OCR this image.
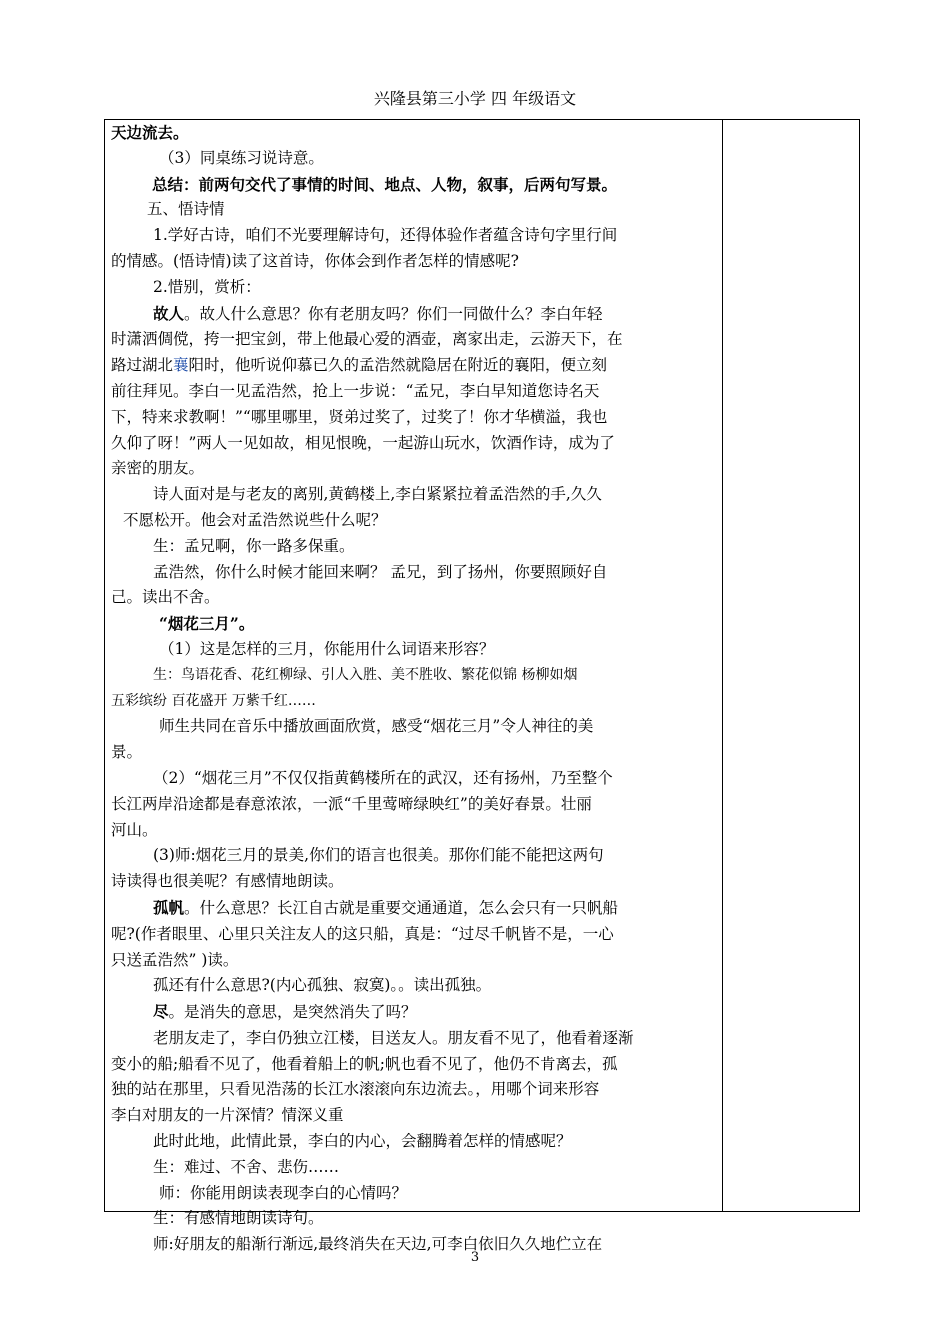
兴隆县第三小学 四 年级语文

天边流去。

（3）同桌练习说诗意。

总结：前两句交代了事情的时间、地点、人物，叙事，后两句写景。

五、悟诗情

1.学好古诗，咱们不光要理解诗句，还得体验作者蕴含诗句字里行间

的情感。(悟诗情)读了这首诗，你体会到作者怎样的情感呢?

2.惜别，赏析：

故人。故人什么意思？你有老朋友吗？你们一同做什么？李白年轻

时潇洒倜傥，挎一把宝剑，带上他最心爱的酒壶，离家出走，云游天下，在

路过湖北襄阳时，他听说仰慕已久的孟浩然就隐居在附近的襄阳，便立刻

前往拜见。李白一见孟浩然，抢上一步说：“孟兄，李白早知道您诗名天

下，特来求教啊！”“哪里哪里，贤弟过奖了，过奖了！你才华横溢，我也

久仰了呀！”两人一见如故，相见恨晚，一起游山玩水，饮酒作诗，成为了

亲密的朋友。

诗人面对是与老友的离别,黄鹤楼上,李白紧紧拉着孟浩然的手,久久

不愿松开。他会对孟浩然说些什么呢？

生：孟兄啊，你一路多保重。

孟浩然，你什么时候才能回来啊？ 孟兄，到了扬州，你要照顾好自

己。读出不舍。

“烟花三月”。

（1）这是怎样的三月，你能用什么词语来形容？

生：鸟语花香、花红柳绿、引人入胜、美不胜收、繁花似锦 杨柳如烟

五彩缤纷 百花盛开 万紫千红……

师生共同在音乐中播放画面欣赏，感受“烟花三月”令人神往的美

景。

（2）“烟花三月”不仅仅指黄鹤楼所在的武汉，还有扬州，乃至整个

长江两岸沿途都是春意浓浓，一派“千里莺啼绿映红”的美好春景。壮丽

河山。

(3)师:烟花三月的景美,你们的语言也很美。那你们能不能把这两句

诗读得也很美呢？有感情地朗读。

孤帆。什么意思？长江自古就是重要交通通道，怎么会只有一只帆船

呢?(作者眼里、心里只关注友人的这只船，真是：“过尽千帆皆不是，一心

只送孟浩然” )读。

孤还有什么意思?(内心孤独、寂寞)。。读出孤独。

尽。是消失的意思，是突然消失了吗？

老朋友走了，李白仍独立江楼，目送友人。朋友看不见了，他看着逐渐

变小的船;船看不见了，他看着船上的帆;帆也看不见了，他仍不肯离去，孤

独的站在那里，只看见浩荡的长江水滚滚向东边流去。，用哪个词来形容

李白对朋友的一片深情？情深义重

此时此地，此情此景，李白的内心，会翻腾着怎样的情感呢？

生：难过、不舍、悲伤……

师：你能用朗读表现李白的心情吗？

生：有感情地朗读诗句。

师:好朋友的船渐行渐远,最终消失在天边,可李白依旧久久地伫立在

3
